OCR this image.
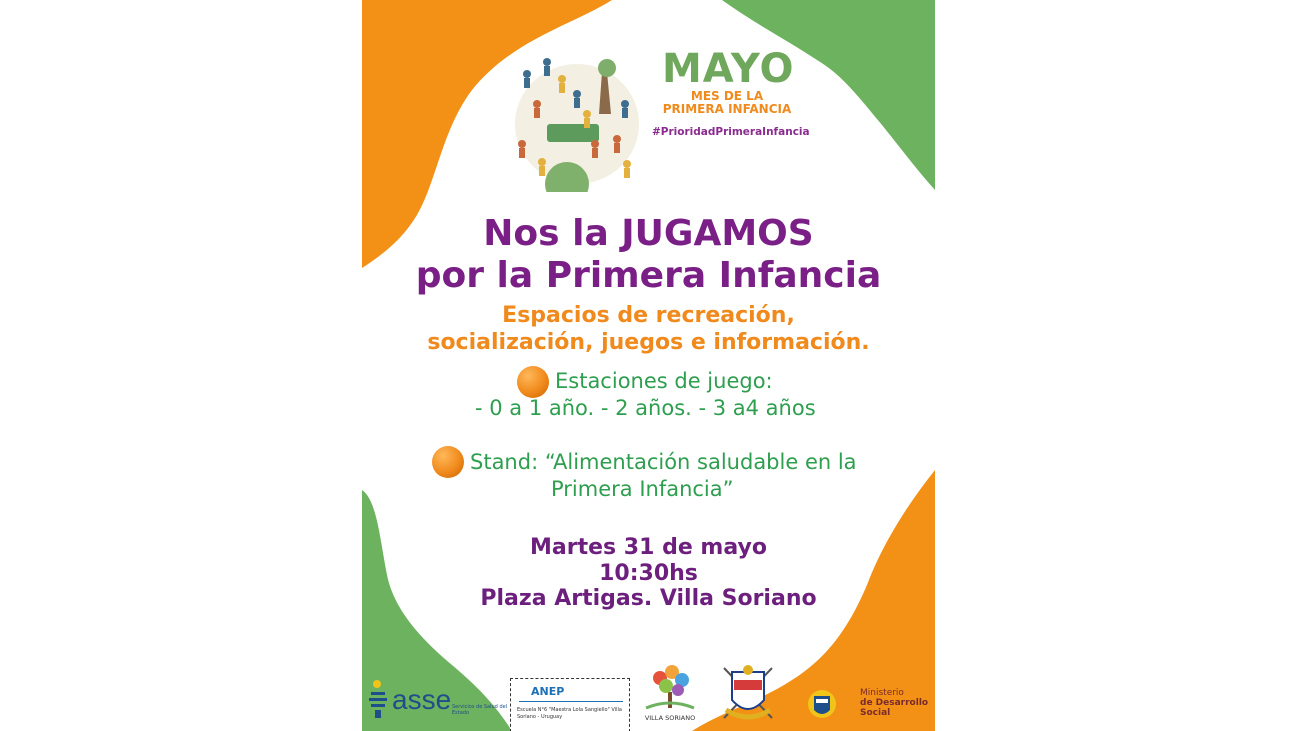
MAYO
MES DE LA
PRIMERA INFANCIA
#PrioridadPrimeraInfancia
Nos la JUGAMOS
por la Primera Infancia
Espacios de recreación,
socialización, juegos e información.
Estaciones de juego:
- 0 a 1 año. - 2 años. - 3 a4 años
Stand: “Alimentación saludable en la
Primera Infancia”
Martes 31 de mayo
10:30hs
Plaza Artigas. Villa Soriano
asse Servicios de Salud del Estado
ANEP
Escuela N°6 "Maestra Lola Sangiello" Villa Soriano - Uruguay	VILLA SORIANO
Ministerio
de Desarrollo
Social
